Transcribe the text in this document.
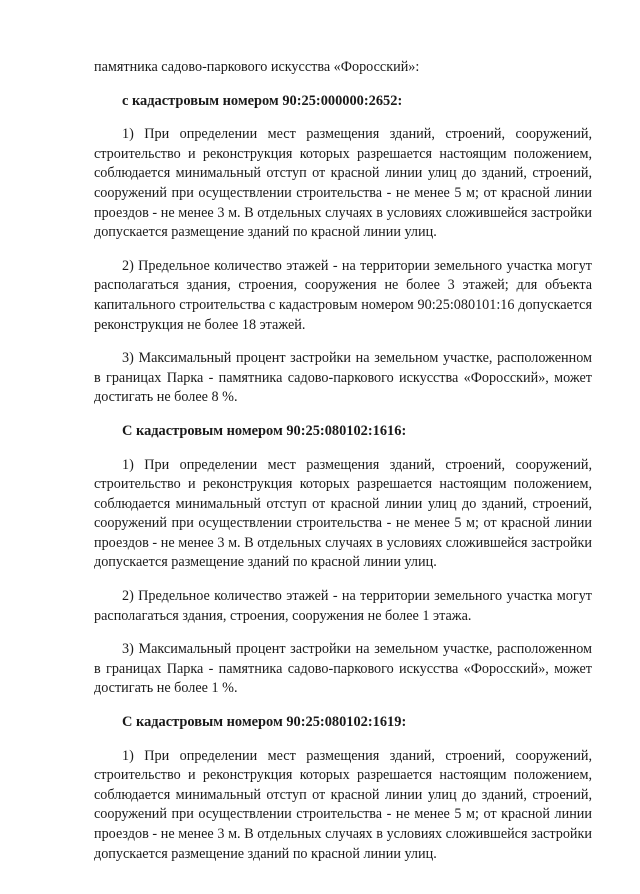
памятника садово-паркового искусства «Форосский»:

с кадастровым номером 90:25:000000:2652:

1) При определении мест размещения зданий, строений, сооружений, строительство и реконструкция которых разрешается настоящим положением, соблюдается минимальный отступ от красной линии улиц до зданий, строений, сооружений при осуществлении строительства - не менее 5 м; от красной линии проездов - не менее 3 м. В отдельных случаях в условиях сложившейся застройки допускается размещение зданий по красной линии улиц.

2) Предельное количество этажей - на территории земельного участка могут располагаться здания, строения, сооружения не более 3 этажей; для объекта капитального строительства с кадастровым номером 90:25:080101:16 допускается реконструкция не более 18 этажей.

3) Максимальный процент застройки на земельном участке, расположенном в границах Парка - памятника садово-паркового искусства «Форосский», может достигать не более 8 %.

С кадастровым номером 90:25:080102:1616:

1) При определении мест размещения зданий, строений, сооружений, строительство и реконструкция которых разрешается настоящим положением, соблюдается минимальный отступ от красной линии улиц до зданий, строений, сооружений при осуществлении строительства - не менее 5 м; от красной линии проездов - не менее 3 м. В отдельных случаях в условиях сложившейся застройки допускается размещение зданий по красной линии улиц.

2) Предельное количество этажей - на территории земельного участка могут располагаться здания, строения, сооружения не более 1 этажа.

3) Максимальный процент застройки на земельном участке, расположенном в границах Парка - памятника садово-паркового искусства «Форосский», может достигать не более 1 %.

С кадастровым номером 90:25:080102:1619:

1) При определении мест размещения зданий, строений, сооружений, строительство и реконструкция которых разрешается настоящим положением, соблюдается минимальный отступ от красной линии улиц до зданий, строений, сооружений при осуществлении строительства - не менее 5 м; от красной линии проездов - не менее 3 м. В отдельных случаях в условиях сложившейся застройки допускается размещение зданий по красной линии улиц.
